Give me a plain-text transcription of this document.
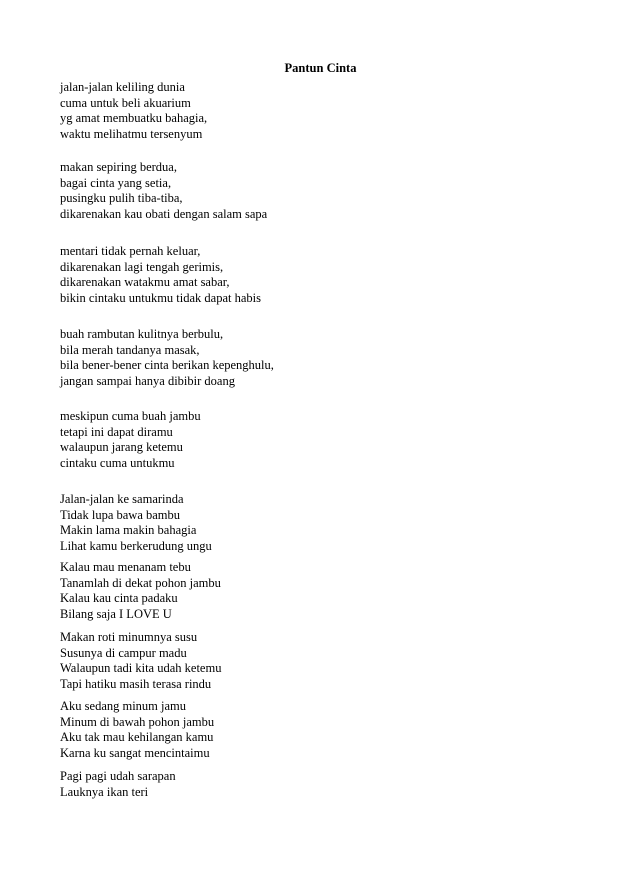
Pantun Cinta
jalan-jalan keliling dunia
cuma untuk beli akuarium
yg amat membuatku bahagia,
waktu melihatmu tersenyum
makan sepiring berdua,
bagai cinta yang setia,
pusingku pulih tiba-tiba,
dikarenakan kau obati dengan salam sapa
mentari tidak pernah keluar,
dikarenakan lagi tengah gerimis,
dikarenakan watakmu amat sabar,
bikin cintaku untukmu tidak dapat habis
buah rambutan kulitnya berbulu,
bila merah tandanya masak,
bila bener-bener cinta berikan kepenghulu,
jangan sampai hanya dibibir doang
meskipun cuma buah jambu
tetapi ini dapat diramu
walaupun jarang ketemu
cintaku cuma untukmu
Jalan-jalan ke samarinda
Tidak lupa bawa bambu
Makin lama makin bahagia
Lihat kamu berkerudung ungu
Kalau mau menanam tebu
Tanamlah di dekat pohon jambu
Kalau kau cinta padaku
Bilang saja I LOVE U
Makan roti minumnya susu
Susunya di campur madu
Walaupun tadi kita udah ketemu
Tapi hatiku masih terasa rindu
Aku sedang minum jamu
Minum di bawah pohon jambu
Aku tak mau kehilangan kamu
Karna ku sangat mencintaimu
Pagi pagi udah sarapan
Lauknya ikan teri
